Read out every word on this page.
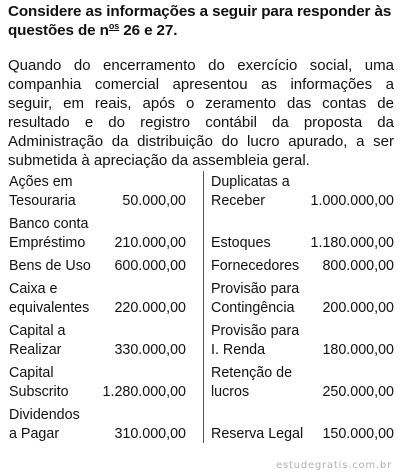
Considere as informações a seguir para responder às
questões de $n^{os}$ 26 e 27.
Quando do encerramento do exercício social, uma companhia comercial apresentou as informações a seguir, em reais, após o zeramento das contas de resultado e do registro contábil da proposta da Administração da distribuição do lucro apurado, a ser submetida à apreciação da assembleia geral.
Ações em
Tesouraria	50.000,00
Banco conta
Empréstimo	210.000,00
Bens de Uso	600.000,00
Caixa e
equivalentes	220.000,00
Capital a
Realizar	330.000,00
Capital
Subscrito	1.280.000,00
Dividendos
a Pagar	310.000,00
Duplicatas a
Receber	1.000.000,00
Estoques	1.180.000,00
Fornecedores	800.000,00
Provisão para
Contingência	200.000,00
Provisão para
I. Renda	180.000,00
Retenção de
lucros	250.000,00
Reserva Legal	150.000,00
estudegratis.com.br
